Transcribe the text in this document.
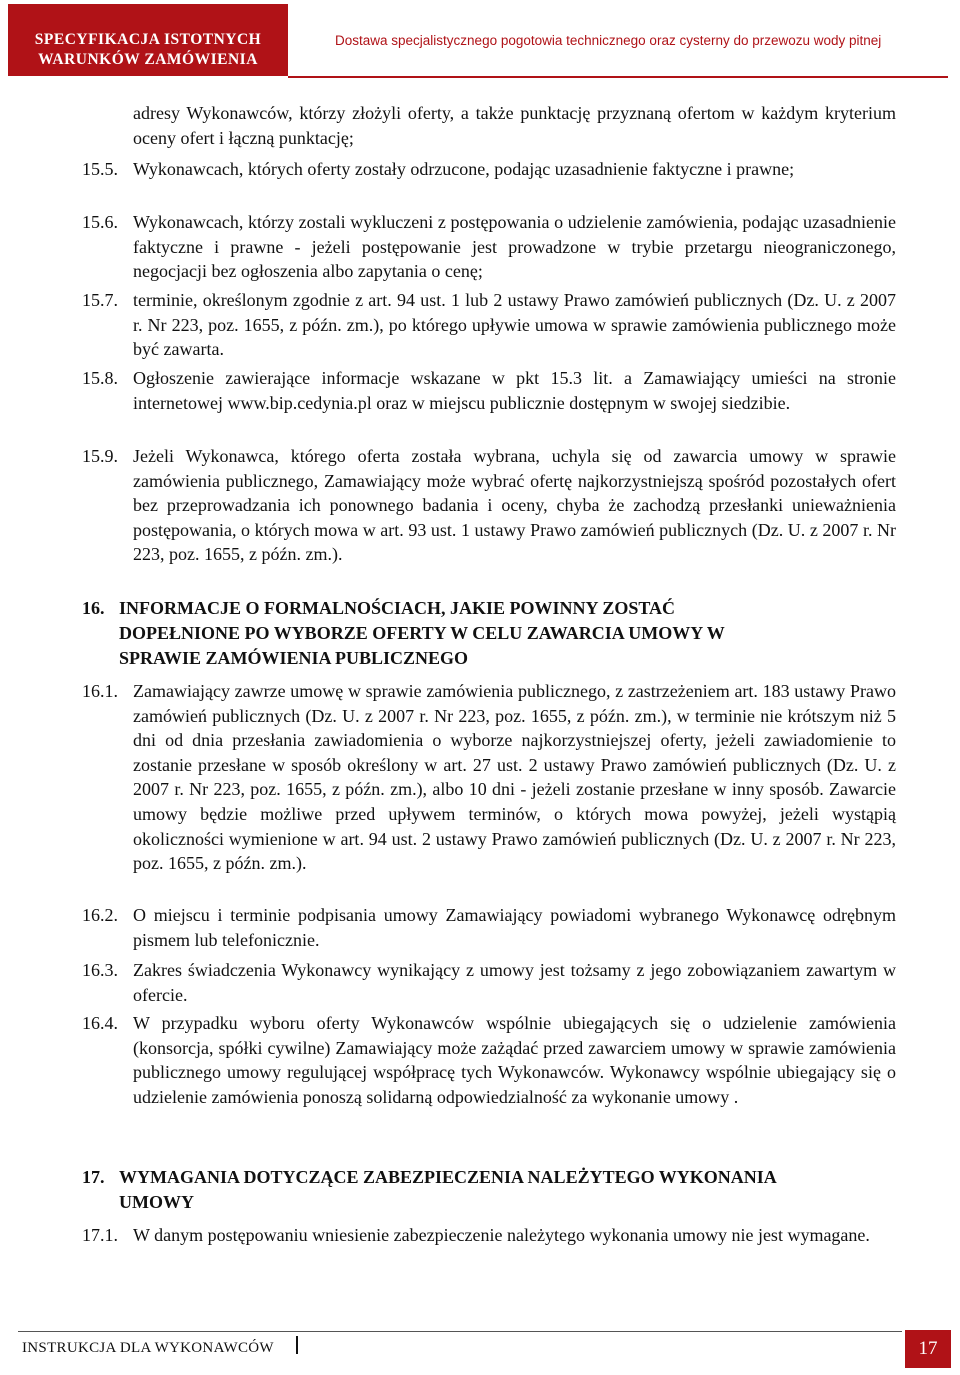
SPECYFIKACJA ISTOTNYCH
WARUNKÓW ZAMÓWIENIA
Dostawa specjalistycznego pogotowia technicznego oraz cysterny do przewozu wody pitnej
adresy Wykonawców, którzy złożyli oferty, a także punktację przyznaną ofertom w każdym kryterium oceny ofert i łączną punktację;
15.5. Wykonawcach, których oferty zostały odrzucone, podając uzasadnienie faktyczne i prawne;
15.6. Wykonawcach, którzy zostali wykluczeni z postępowania o udzielenie zamówienia, podając uzasadnienie faktyczne i prawne - jeżeli postępowanie jest prowadzone w trybie przetargu nieograniczonego, negocjacji bez ogłoszenia albo zapytania o cenę;
15.7. terminie, określonym zgodnie z art. 94 ust. 1 lub 2 ustawy Prawo zamówień publicznych (Dz. U. z 2007 r. Nr 223, poz. 1655, z późn. zm.), po którego upływie umowa w sprawie zamówienia publicznego może być zawarta.
15.8. Ogłoszenie zawierające informacje wskazane w pkt 15.3 lit. a Zamawiający umieści na stronie internetowej www.bip.cedynia.pl oraz w miejscu publicznie dostępnym w swojej siedzibie.
15.9. Jeżeli Wykonawca, którego oferta została wybrana, uchyla się od zawarcia umowy w sprawie zamówienia publicznego, Zamawiający może wybrać ofertę najkorzystniejszą spośród pozostałych ofert bez przeprowadzania ich ponownego badania i oceny, chyba że zachodzą przesłanki unieważnienia postępowania, o których mowa w art. 93 ust. 1 ustawy Prawo zamówień publicznych (Dz. U. z 2007 r. Nr 223, poz. 1655, z późn. zm.).
16. INFORMACJE O FORMALNOŚCIACH, JAKIE POWINNY ZOSTAĆ
DOPEŁNIONE PO WYBORZE OFERTY W CELU ZAWARCIA UMOWY W
SPRAWIE ZAMÓWIENIA PUBLICZNEGO
16.1. Zamawiający zawrze umowę w sprawie zamówienia publicznego, z zastrzeżeniem art. 183 ustawy Prawo zamówień publicznych (Dz. U. z 2007 r. Nr 223, poz. 1655, z późn. zm.), w terminie nie krótszym niż 5 dni od dnia przesłania zawiadomienia o wyborze najkorzystniejszej oferty, jeżeli zawiadomienie to zostanie przesłane w sposób określony w art. 27 ust. 2 ustawy Prawo zamówień publicznych (Dz. U. z 2007 r. Nr 223, poz. 1655, z późn. zm.), albo 10 dni - jeżeli zostanie przesłane w inny sposób. Zawarcie umowy będzie możliwe przed upływem terminów, o których mowa powyżej, jeżeli wystąpią okoliczności wymienione w art. 94 ust. 2 ustawy Prawo zamówień publicznych (Dz. U. z 2007 r. Nr 223, poz. 1655, z późn. zm.).
16.2. O miejscu i terminie podpisania umowy Zamawiający powiadomi wybranego Wykonawcę odrębnym pismem lub telefonicznie.
16.3. Zakres świadczenia Wykonawcy wynikający z umowy jest tożsamy z jego zobowiązaniem zawartym w ofercie.
16.4. W przypadku wyboru oferty Wykonawców wspólnie ubiegających się o udzielenie zamówienia (konsorcja, spółki cywilne) Zamawiający może zażądać przed zawarciem umowy w sprawie zamówienia publicznego umowy regulującej współpracę tych Wykonawców. Wykonawcy wspólnie ubiegający się o udzielenie zamówienia ponoszą solidarną odpowiedzialność za wykonanie umowy .
17. WYMAGANIA DOTYCZĄCE ZABEZPIECZENIA NALEŻYTEGO WYKONANIA
UMOWY
17.1. W danym postępowaniu wniesienie zabezpieczenie należytego wykonania umowy nie jest wymagane.
INSTRUKCJA DLA WYKONAWCÓW	17
